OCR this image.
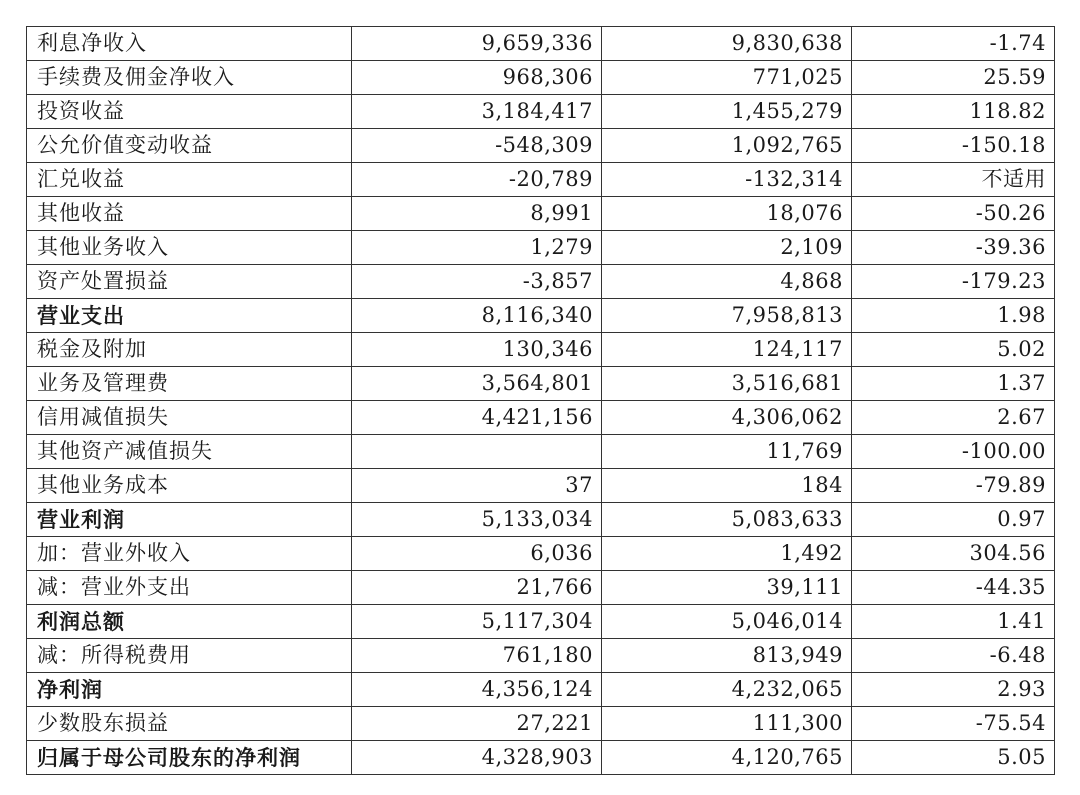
利息净收入	9,659,336	9,830,638	-1.74
手续费及佣金净收入	968,306	771,025	25.59
投资收益	3,184,417	1,455,279	118.82
公允价值变动收益	-548,309	1,092,765	-150.18
汇兑收益	-20,789	-132,314	不适用
其他收益	8,991	18,076	-50.26
其他业务收入	1,279	2,109	-39.36
资产处置损益	-3,857	4,868	-179.23
营业支出	8,116,340	7,958,813	1.98
税金及附加	130,346	124,117	5.02
业务及管理费	3,564,801	3,516,681	1.37
信用减值损失	4,421,156	4,306,062	2.67
其他资产减值损失		11,769	-100.00
其他业务成本	37	184	-79.89
营业利润	5,133,034	5,083,633	0.97
加：营业外收入	6,036	1,492	304.56
减：营业外支出	21,766	39,111	-44.35
利润总额	5,117,304	5,046,014	1.41
减：所得税费用	761,180	813,949	-6.48
净利润	4,356,124	4,232,065	2.93
少数股东损益	27,221	111,300	-75.54
归属于母公司股东的净利润	4,328,903	4,120,765	5.05
